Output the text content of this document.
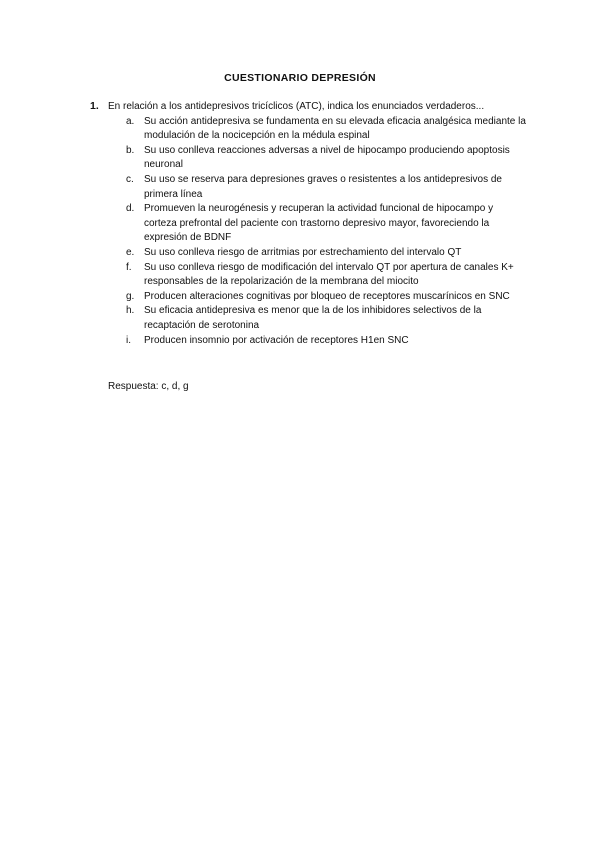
CUESTIONARIO DEPRESIÓN
1. En relación a los antidepresivos tricíclicos (ATC), indica los enunciados verdaderos...
a. Su acción antidepresiva se fundamenta en su elevada eficacia analgésica mediante la modulación de la nocicepción en la médula espinal
b. Su uso conlleva reacciones adversas a nivel de hipocampo produciendo apoptosis neuronal
c.	Su uso se reserva para depresiones graves o resistentes a los antidepresivos de primera línea
d. Promueven la neurogénesis y recuperan la actividad funcional de hipocampo y corteza prefrontal del paciente con trastorno depresivo mayor, favoreciendo la expresión de BDNF
e. Su uso conlleva riesgo de arritmias por estrechamiento del intervalo QT
f.	Su uso conlleva riesgo de modificación del intervalo QT por apertura de canales K+ responsables de la repolarización de la membrana del miocito
g. Producen alteraciones cognitivas por bloqueo de receptores muscarínicos en SNC
h. Su eficacia antidepresiva es menor que la de los inhibidores selectivos de la recaptación de serotonina
i.	Producen insomnio por activación de receptores H1en SNC
Respuesta: c, d, g
